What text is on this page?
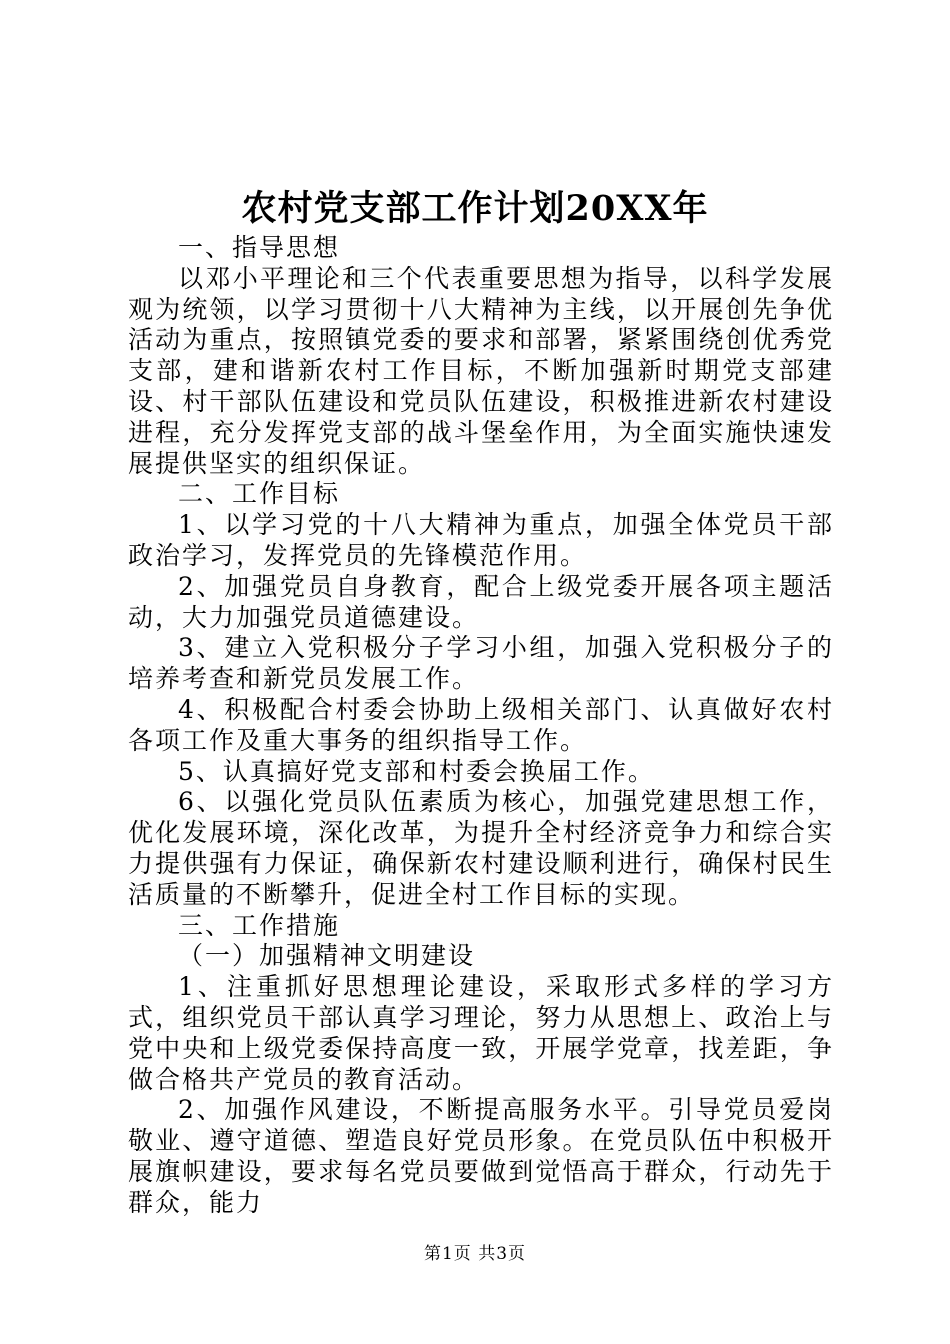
农村党支部工作计划20XX年

一、指导思想

以邓小平理论和三个代表重要思想为指导，以科学发展观为统领，以学习贯彻十八大精神为主线，以开展创先争优活动为重点，按照镇党委的要求和部署，紧紧围绕创优秀党支部，建和谐新农村工作目标，不断加强新时期党支部建设、村干部队伍建设和党员队伍建设，积极推进新农村建设进程，充分发挥党支部的战斗堡垒作用，为全面实施快速发展提供坚实的组织保证。

二、工作目标

1、以学习党的十八大精神为重点，加强全体党员干部政治学习，发挥党员的先锋模范作用。

2、加强党员自身教育，配合上级党委开展各项主题活动，大力加强党员道德建设。

3、建立入党积极分子学习小组，加强入党积极分子的培养考查和新党员发展工作。

4、积极配合村委会协助上级相关部门、认真做好农村各项工作及重大事务的组织指导工作。

5、认真搞好党支部和村委会换届工作。

6、以强化党员队伍素质为核心，加强党建思想工作，优化发展环境，深化改革，为提升全村经济竞争力和综合实力提供强有力保证，确保新农村建设顺利进行，确保村民生活质量的不断攀升，促进全村工作目标的实现。

三、工作措施

（一）加强精神文明建设

1、注重抓好思想理论建设，采取形式多样的学习方式，组织党员干部认真学习理论，努力从思想上、政治上与党中央和上级党委保持高度一致，开展学党章，找差距，争做合格共产党员的教育活动。

2、加强作风建设，不断提高服务水平。引导党员爱岗敬业、遵守道德、塑造良好党员形象。在党员队伍中积极开展旗帜建设，要求每名党员要做到觉悟高于群众，行动先于群众，能力

第1页 共3页
